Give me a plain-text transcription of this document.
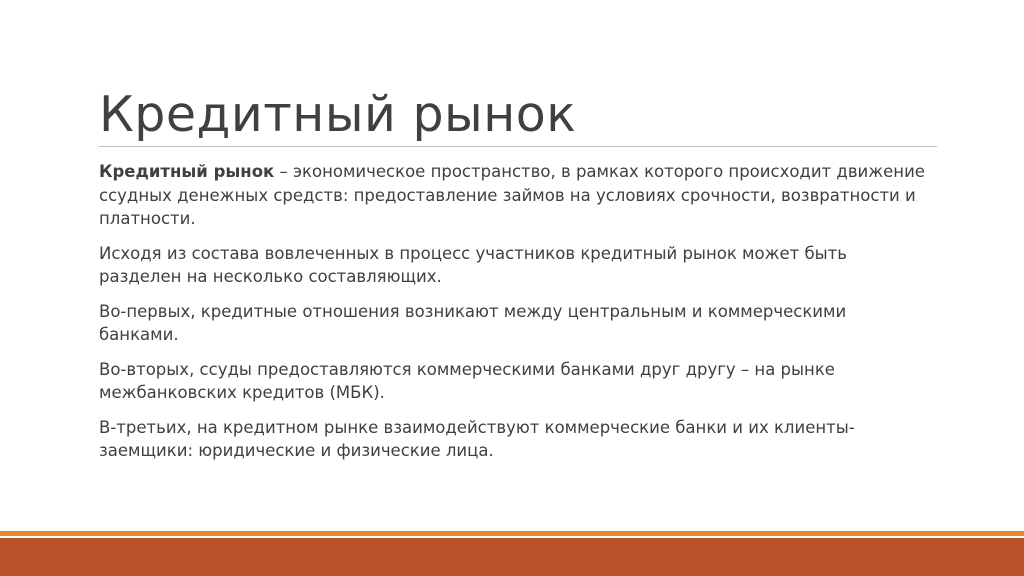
Кредитный рынок

Кредитный рынок – экономическое пространство, в рамках которого происходит движение ссудных денежных средств: предоставление займов на условиях срочности, возвратности и платности.

Исходя из состава вовлеченных в процесс участников кредитный рынок может быть разделен на несколько составляющих.

Во-первых, кредитные отношения возникают между центральным и коммерческими банками.

Во-вторых, ссуды предоставляются коммерческими банками друг другу – на рынке межбанковских кредитов (МБК).

В-третьих, на кредитном рынке взаимодействуют коммерческие банки и их клиенты- заемщики: юридические и физические лица.
